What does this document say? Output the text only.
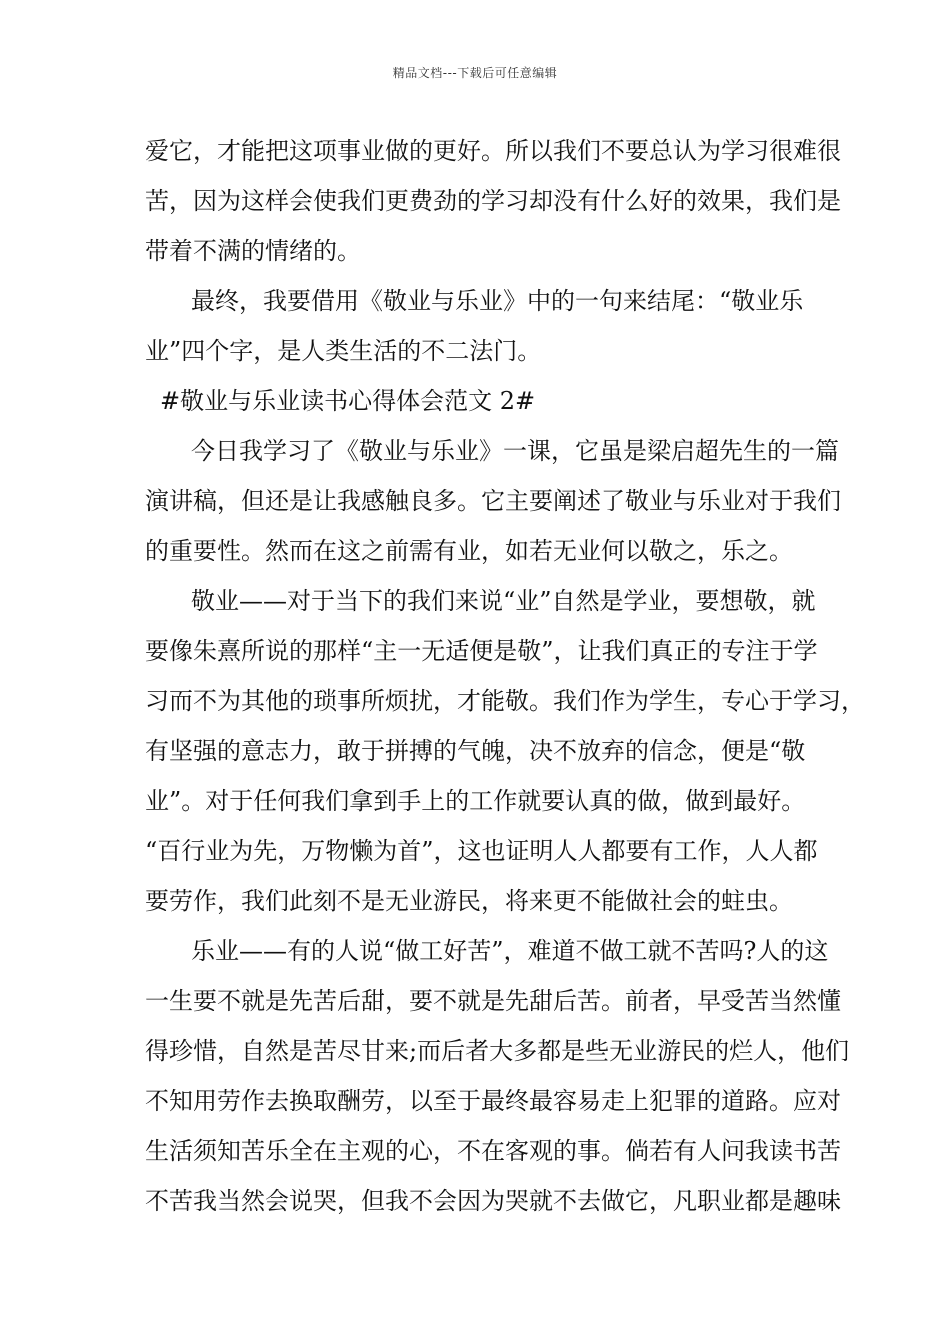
精品文档---下载后可任意编辑
爱它，才能把这项事业做的更好。所以我们不要总认为学习很难很
苦，因为这样会使我们更费劲的学习却没有什么好的效果，我们是
带着不满的情绪的。
最终，我要借用《敬业与乐业》中的一句来结尾：“敬业乐
业”四个字，是人类生活的不二法门。
#敬业与乐业读书心得体会范文 2#
今日我学习了《敬业与乐业》一课，它虽是梁启超先生的一篇
演讲稿，但还是让我感触良多。它主要阐述了敬业与乐业对于我们
的重要性。然而在这之前需有业，如若无业何以敬之，乐之。
敬业——对于当下的我们来说“业”自然是学业，要想敬，就
要像朱熹所说的那样“主一无适便是敬”，让我们真正的专注于学
习而不为其他的琐事所烦扰，才能敬。我们作为学生，专心于学习，
有坚强的意志力，敢于拼搏的气魄，决不放弃的信念，便是“敬
业”。对于任何我们拿到手上的工作就要认真的做，做到最好。
“百行业为先，万物懒为首”，这也证明人人都要有工作，人人都
要劳作，我们此刻不是无业游民，将来更不能做社会的蛀虫。
乐业——有的人说“做工好苦”，难道不做工就不苦吗?人的这
一生要不就是先苦后甜，要不就是先甜后苦。前者，早受苦当然懂
得珍惜，自然是苦尽甘来;而后者大多都是些无业游民的烂人，他们
不知用劳作去换取酬劳，以至于最终最容易走上犯罪的道路。应对
生活须知苦乐全在主观的心，不在客观的事。倘若有人问我读书苦
不苦我当然会说哭，但我不会因为哭就不去做它，凡职业都是趣味
